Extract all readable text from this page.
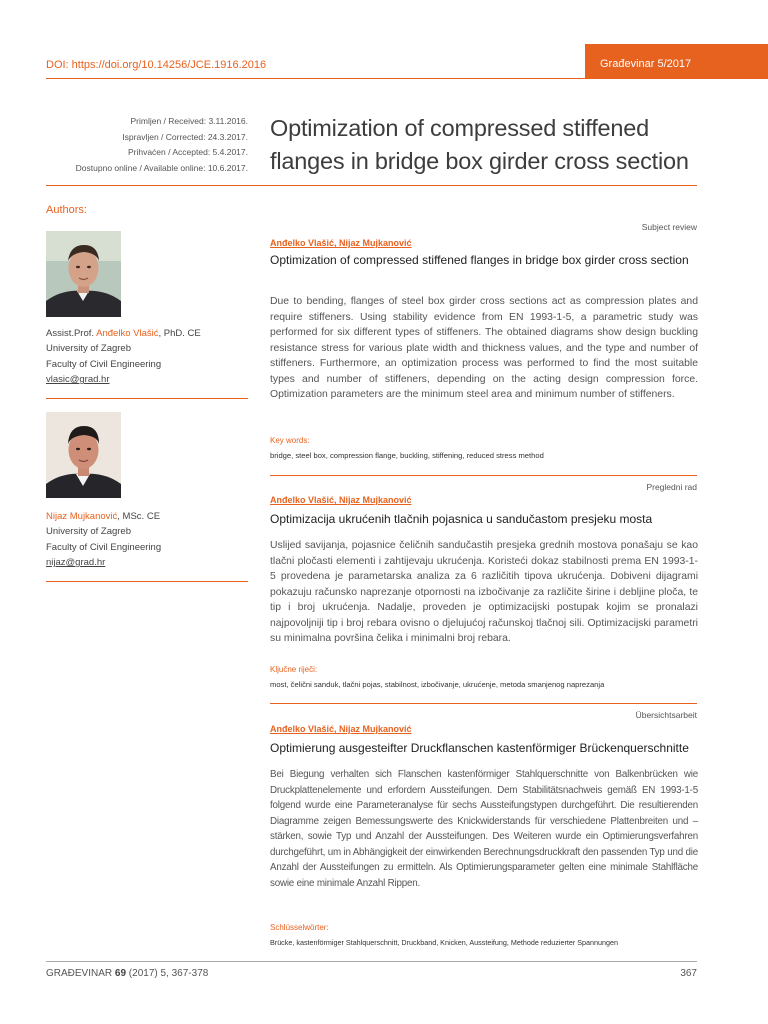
DOI: https://doi.org/10.14256/JCE.1916.2016	Građevinar 5/2017
Primljen / Received: 3.11.2016.
Ispravljen / Corrected: 24.3.2017.
Prihvaćen / Accepted: 5.4.2017.
Dostupno online / Available online: 10.6.2017.
Optimization of compressed stiffened flanges in bridge box girder cross section
Authors:
Assist.Prof. Anđelko Vlašić, PhD. CE
University of Zagreb
Faculty of Civil Engineering
vlasic@grad.hr
Nijaz Mujkanović, MSc. CE
University of Zagreb
Faculty of Civil Engineering
nijaz@grad.hr
Subject review
Anđelko Vlašić, Nijaz Mujkanović
Optimization of compressed stiffened flanges in bridge box girder cross section
Due to bending, flanges of steel box girder cross sections act as compression plates and require stiffeners. Using stability evidence from EN 1993-1-5, a parametric study was performed for six different types of stiffeners. The obtained diagrams show design buckling resistance stress for various plate width and thickness values, and the type and number of stiffeners. Furthermore, an optimization process was performed to find the most suitable types and number of stiffeners, depending on the acting design compression force. Optimization parameters are the minimum steel area and minimum number of stiffeners.
Key words:
bridge, steel box, compression flange, buckling, stiffening, reduced stress method
Pregledni rad
Anđelko Vlašić, Nijaz Mujkanović
Optimizacija ukrućenih tlačnih pojasnica u sandučastom presjeku mosta
Uslijed savijanja, pojasnice čeličnih sandučastih presjeka grednih mostova ponašaju se kao tlačni pločasti elementi i zahtijevaju ukrućenja. Koristeći dokaz stabilnosti prema EN 1993-1-5 provedena je parametarska analiza za 6 različitih tipova ukrućenja. Dobiveni dijagrami pokazuju računsko naprezanje otpornosti na izbočivanje za različite širine i debljine ploča, te tip i broj ukrućenja. Nadalje, proveden je optimizacijski postupak kojim se pronalazi najpovoljniji tip i broj rebara ovisno o djelujućoj računskoj tlačnoj sili. Optimizacijski parametri su minimalna površina čelika i minimalni broj rebara.
Ključne riječi:
most, čelični sanduk, tlačni pojas, stabilnost, izbočivanje, ukrućenje, metoda smanjenog naprezanja
Übersichtsarbeit
Anđelko Vlašić, Nijaz Mujkanović
Optimierung ausgesteifter Druckflanschen kastenförmiger Brückenquerschnitte
Bei Biegung verhalten sich Flanschen kastenförmiger Stahlquerschnitte von Balkenbrücken wie Druckplattenelemente und erfordern Aussteifungen. Dem Stabilitätsnachweis gemäß EN 1993-1-5 folgend wurde eine Parameteranalyse für sechs Aussteifungstypen durchgeführt. Die resultierenden Diagramme zeigen Bemessungswerte des Knickwiderstands für verschiedene Plattenbreiten und –stärken, sowie Typ und Anzahl der Aussteifungen. Des Weiteren wurde ein Optimierungsverfahren durchgeführt, um in Abhängigkeit der einwirkenden Berechnungsdruckkraft den passenden Typ und die Anzahl der Aussteifungen zu ermitteln. Als Optimierungsparameter gelten eine minimale Stahlfläche sowie eine minimale Anzahl Rippen.
Schlüsselwörter:
Brücke, kastenförmiger Stahlquerschnitt, Druckband, Knicken, Aussteifung, Methode reduzierter Spannungen
GRAĐEVINAR 69 (2017) 5, 367-378	367
